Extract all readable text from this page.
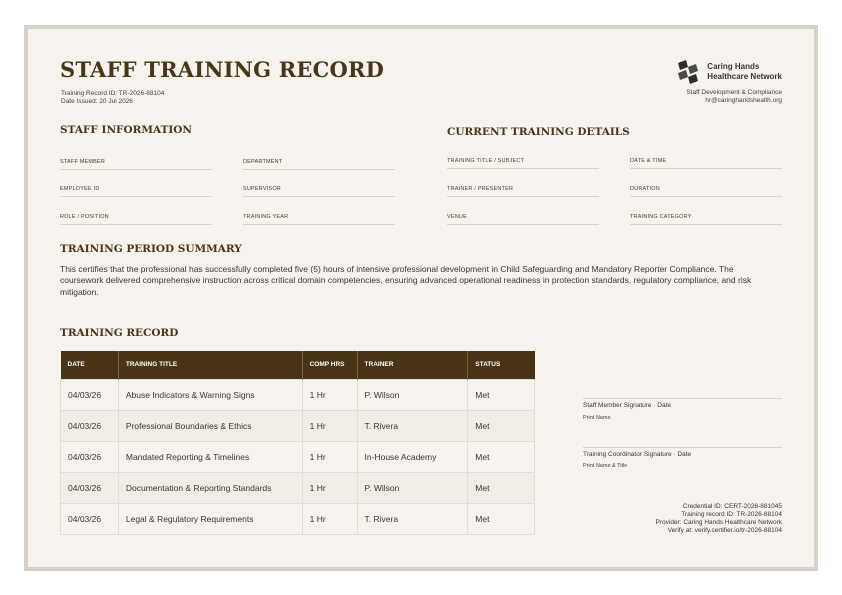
STAFF TRAINING RECORD
Training Record ID: TR-2026-88104
Date Issued: 20 Jul 2026
Caring Hands
Healthcare Network
Staff Development & Compliance
hr@caringhandshealth.org
STAFF INFORMATION
STAFF MEMBER	DEPARTMENT
EMPLOYEE ID	SUPERVISOR
ROLE / POSITION	TRAINING YEAR
CURRENT TRAINING DETAILS
TRAINING TITLE / SUBJECT	DATE & TIME
TRAINER / PRESENTER	DURATION
VENUE	TRAINING CATEGORY
TRAINING PERIOD SUMMARY
This certifies that the professional has successfully completed five (5) hours of intensive professional development in Child Safeguarding and Mandatory Reporter Compliance. The coursework delivered comprehensive instruction across critical domain competencies, ensuring advanced operational readiness in protection standards, regulatory compliance, and risk mitigation.
TRAINING RECORD
DATE	TRAINING TITLE	COMP HRS	TRAINER	STATUS
04/03/26	Abuse Indicators & Warning Signs	1 Hr	P. Wilson	Met
04/03/26	Professional Boundaries & Ethics	1 Hr	T. Rivera	Met
04/03/26	Mandated Reporting & Timelines	1 Hr	In-House Academy	Met
04/03/26	Documentation & Reporting Standards	1 Hr	P. Wilson	Met
04/03/26	Legal & Regulatory Requirements	1 Hr	T. Rivera	Met
Staff Member Signature · Date
Print Name
Training Coordinator Signature · Date
Print Name & Title
Credential ID: CERT-2026-881045
Training record ID: TR-2026-88104
Provider: Caring Hands Healthcare Network
Verify at: verify.certifier.io/tr-2026-88104
